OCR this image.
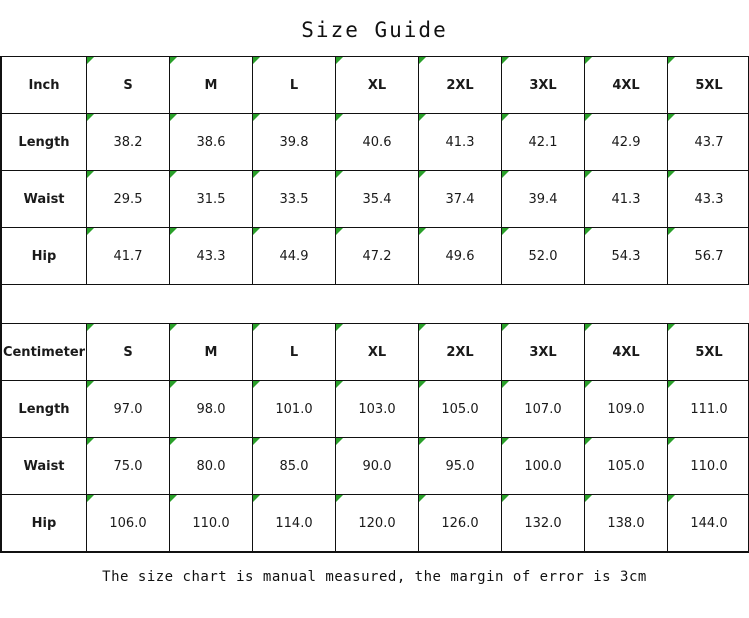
Size Guide
Inch	S	M	L	XL	2XL	3XL	4XL	5XL
Length	38.2	38.6	39.8	40.6	41.3	42.1	42.9	43.7
Waist	29.5	31.5	33.5	35.4	37.4	39.4	41.3	43.3
Hip	41.7	43.3	44.9	47.2	49.6	52.0	54.3	56.7
Centimeter	S	M	L	XL	2XL	3XL	4XL	5XL
Length	97.0	98.0	101.0	103.0	105.0	107.0	109.0	111.0
Waist	75.0	80.0	85.0	90.0	95.0	100.0	105.0	110.0
Hip	106.0	110.0	114.0	120.0	126.0	132.0	138.0	144.0
The size chart is manual measured, the margin of error is 3cm
